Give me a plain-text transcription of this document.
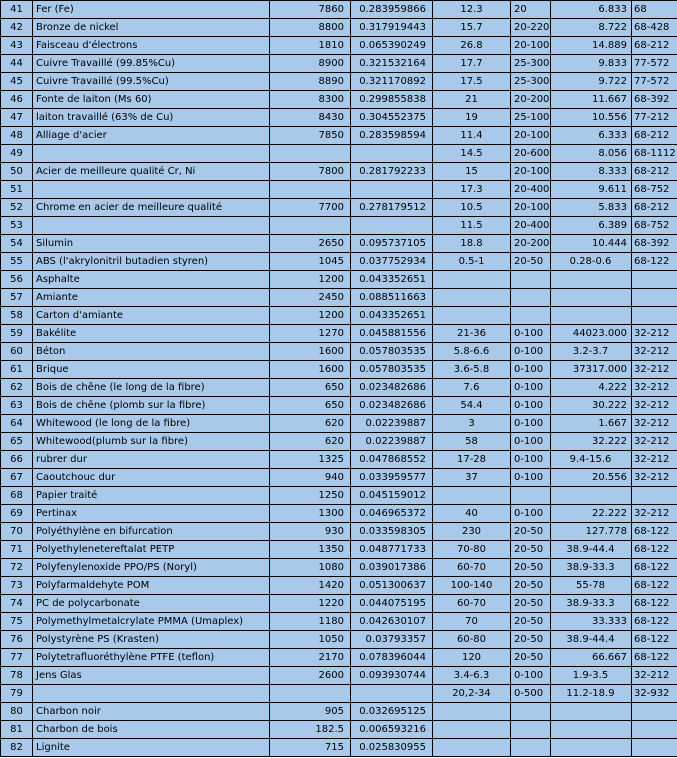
41	Fer (Fe)	7860	0.283959866	12.3	20	6.833	68
42	Bronze de nickel	8800	0.317919443	15.7	20-220	8.722	68-428
43	Faisceau d'électrons	1810	0.065390249	26.8	20-100	14.889	68-212
44	Cuivre Travaillé (99.85%Cu)	8900	0.321532164	17.7	25-300	9.833	77-572
45	Cuivre Travaillé (99.5%Cu)	8890	0.321170892	17.5	25-300	9.722	77-572
46	Fonte de laiton (Ms 60)	8300	0.299855838	21	20-200	11.667	68-392
47	laiton travaillé (63% de Cu)	8430	0.304552375	19	25-100	10.556	77-212
48	Alliage d'acier	7850	0.283598594	11.4	20-100	6.333	68-212
49				14.5	20-600	8.056	68-1112
50	Acier de meilleure qualité Cr, Ni	7800	0.281792233	15	20-100	8.333	68-212
51				17.3	20-400	9.611	68-752
52	Chrome en acier de meilleure qualité	7700	0.278179512	10.5	20-100	5.833	68-212
53				11.5	20-400	6.389	68-752
54	Silumin	2650	0.095737105	18.8	20-200	10.444	68-392
55	ABS (l'akrylonitril butadien styren)	1045	0.037752934	0.5-1	20-50	0.28-0.6	68-122
56	Asphalte	1200	0.043352651				
57	Amiante	2450	0.088511663				
58	Carton d'amiante	1200	0.043352651				
59	Bakélite	1270	0.045881556	21-36	0-100	44023.000	32-212
60	Béton	1600	0.057803535	5.8-6.6	0-100	3.2-3.7	32-212
61	Brique	1600	0.057803535	3.6-5.8	0-100	37317.000	32-212
62	Bois de chêne (le long de la fibre)	650	0.023482686	7.6	0-100	4.222	32-212
63	Bois de chêne (plomb sur la fibre)	650	0.023482686	54.4	0-100	30.222	32-212
64	Whitewood (le long de la fibre)	620	0.02239887	3	0-100	1.667	32-212
65	Whitewood(plumb sur la fibre)	620	0.02239887	58	0-100	32.222	32-212
66	rubrer dur	1325	0.047868552	17-28	0-100	9.4-15.6	32-212
67	Caoutchouc dur	940	0.033959577	37	0-100	20.556	32-212
68	Papier traité	1250	0.045159012				
69	Pertinax	1300	0.046965372	40	0-100	22.222	32-212
70	Polyéthylène en bifurcation	930	0.033598305	230	20-50	127.778	68-122
71	Polyethylenetereftalat PETP	1350	0.048771733	70-80	20-50	38.9-44.4	68-122
72	Polyfenylenoxide PPO/PS (Noryl)	1080	0.039017386	60-70	20-50	38.9-33.3	68-122
73	Polyfarmaldehyte POM	1420	0.051300637	100-140	20-50	55-78	68-122
74	PC de polycarbonate	1220	0.044075195	60-70	20-50	38.9-33.3	68-122
75	Polymethylmetalcrylate PMMA (Umaplex)	1180	0.042630107	70	20-50	33.333	68-122
76	Polystyrène PS (Krasten)	1050	0.03793357	60-80	20-50	38.9-44.4	68-122
77	Polytetrafluoréthylène PTFE (teflon)	2170	0.078396044	120	20-50	66.667	68-122
78	Jens Glas	2600	0.093930744	3.4-6.3	0-100	1.9-3.5	32-212
79				20,2-34	0-500	11.2-18.9	32-932
80	Charbon noir	905	0.032695125				
81	Charbon de bois	182.5	0.006593216				
82	Lignite	715	0.025830955				
